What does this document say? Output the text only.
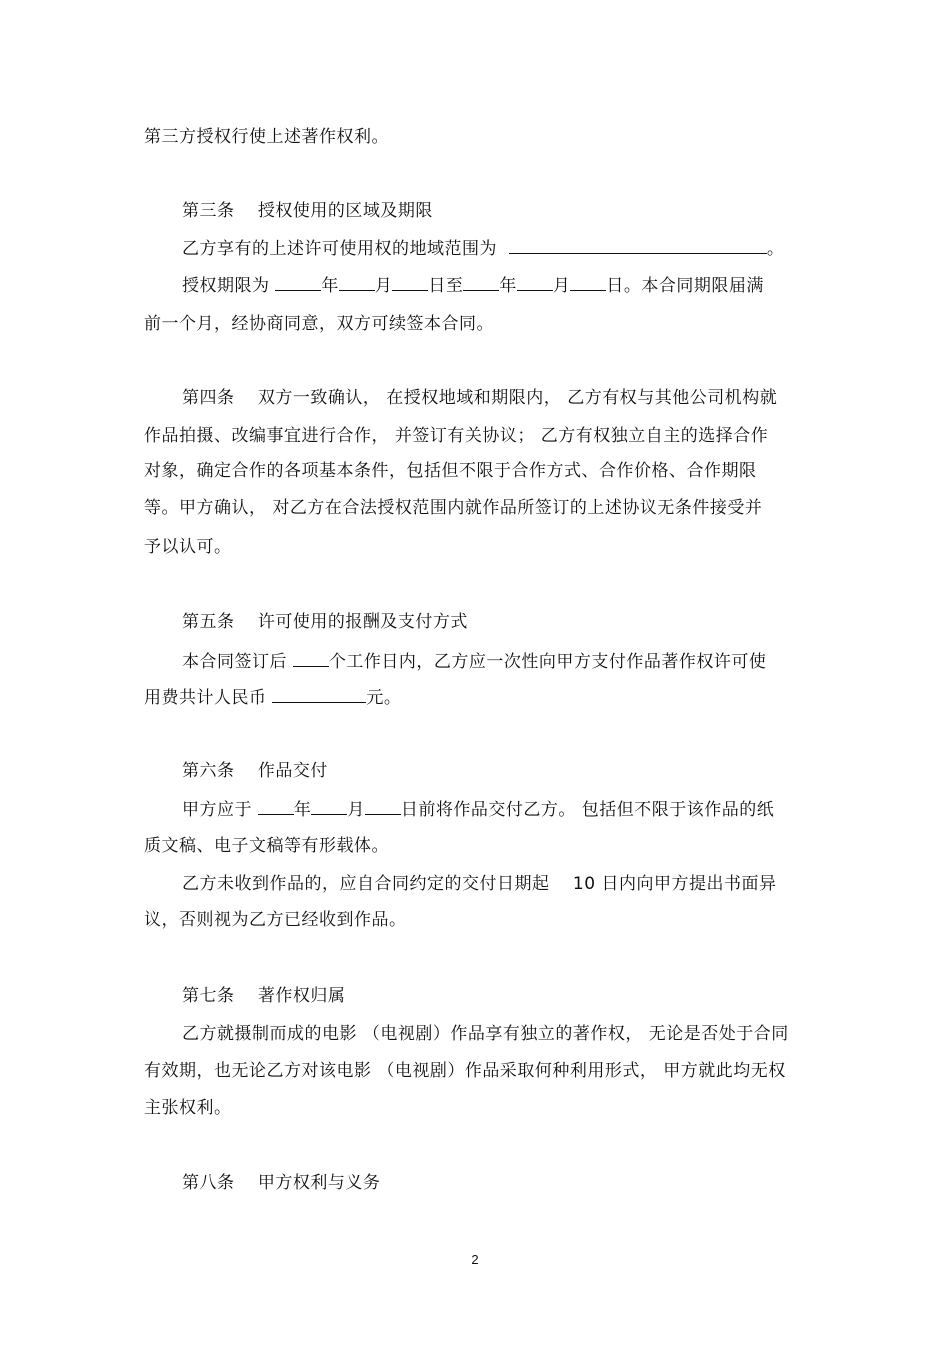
第三方授权行使上述著作权利。
第三条　 授权使用的区域及期限
乙方享有的上述许可使用权的地域范围为	。
授权期限为	年 月 日至 年 月 日。本合同期限届满
前一个月，经协商同意，双方可续签本合同。
第四条　 双方一致确认， 在授权地域和期限内， 乙方有权与其他公司机构就
作品拍摄、改编事宜进行合作， 并签订有关协议； 乙方有权独立自主的选择合作
对象，确定合作的各项基本条件，包括但不限于合作方式、合作价格、合作期限
等。甲方确认， 对乙方在合法授权范围内就作品所签订的上述协议无条件接受并
予以认可。
第五条　 许可使用的报酬及支付方式
本合同签订后 个工作日内，乙方应一次性向甲方支付作品著作权许可使
用费共计人民币	元。
第六条　 作品交付
甲方应于 年 月 日前将作品交付乙方。 包括但不限于该作品的纸
质文稿、电子文稿等有形载体。
乙方未收到作品的，应自合同约定的交付日期起　 10 日内向甲方提出书面异
议，否则视为乙方已经收到作品。
第七条　 著作权归属
乙方就摄制而成的电影 （电视剧）作品享有独立的著作权， 无论是否处于合同
有效期，也无论乙方对该电影 （电视剧）作品采取何种利用形式， 甲方就此均无权
主张权利。
第八条　 甲方权利与义务
2
